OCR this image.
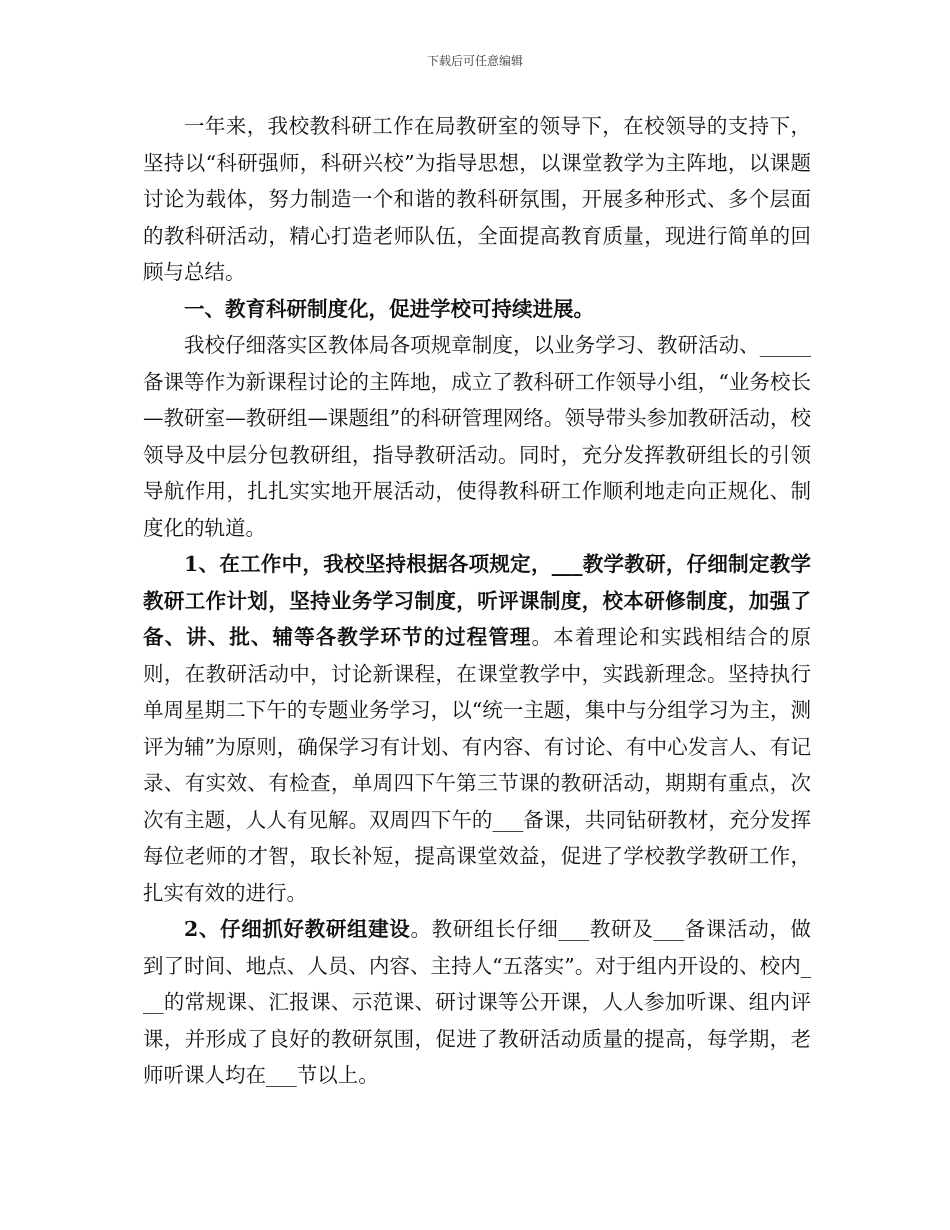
下载后可任意编辑

一年来，我校教科研工作在局教研室的领导下，在校领导的支持下，坚持以“科研强师，科研兴校”为指导思想，以课堂教学为主阵地，以课题讨论为载体，努力制造一个和谐的教科研氛围，开展多种形式、多个层面的教科研活动，精心打造老师队伍，全面提高教育质量，现进行简单的回顾与总结。

一、教育科研制度化，促进学校可持续进展。

我校仔细落实区教体局各项规章制度，以业务学习、教研活动、_____备课等作为新课程讨论的主阵地，成立了教科研工作领导小组，“业务校长—教研室—教研组—课题组”的科研管理网络。领导带头参加教研活动，校领导及中层分包教研组，指导教研活动。同时，充分发挥教研组长的引领导航作用，扎扎实实地开展活动，使得教科研工作顺利地走向正规化、制度化的轨道。

1、在工作中，我校坚持根据各项规定，___教学教研，仔细制定教学教研工作计划，坚持业务学习制度，听评课制度，校本研修制度，加强了备、讲、批、辅等各教学环节的过程管理。本着理论和实践相结合的原则，在教研活动中，讨论新课程，在课堂教学中，实践新理念。坚持执行单周星期二下午的专题业务学习，以“统一主题，集中与分组学习为主，测评为辅”为原则，确保学习有计划、有内容、有讨论、有中心发言人、有记录、有实效、有检查，单周四下午第三节课的教研活动，期期有重点，次次有主题，人人有见解。双周四下午的___备课，共同钻研教材，充分发挥每位老师的才智，取长补短，提高课堂效益，促进了学校教学教研工作，扎实有效的进行。

2、仔细抓好教研组建设。教研组长仔细___教研及___备课活动，做到了时间、地点、人员、内容、主持人“五落实”。对于组内开设的、校内___的常规课、汇报课、示范课、研讨课等公开课，人人参加听课、组内评课，并形成了良好的教研氛围，促进了教研活动质量的提高，每学期，老师听课人均在___节以上。
